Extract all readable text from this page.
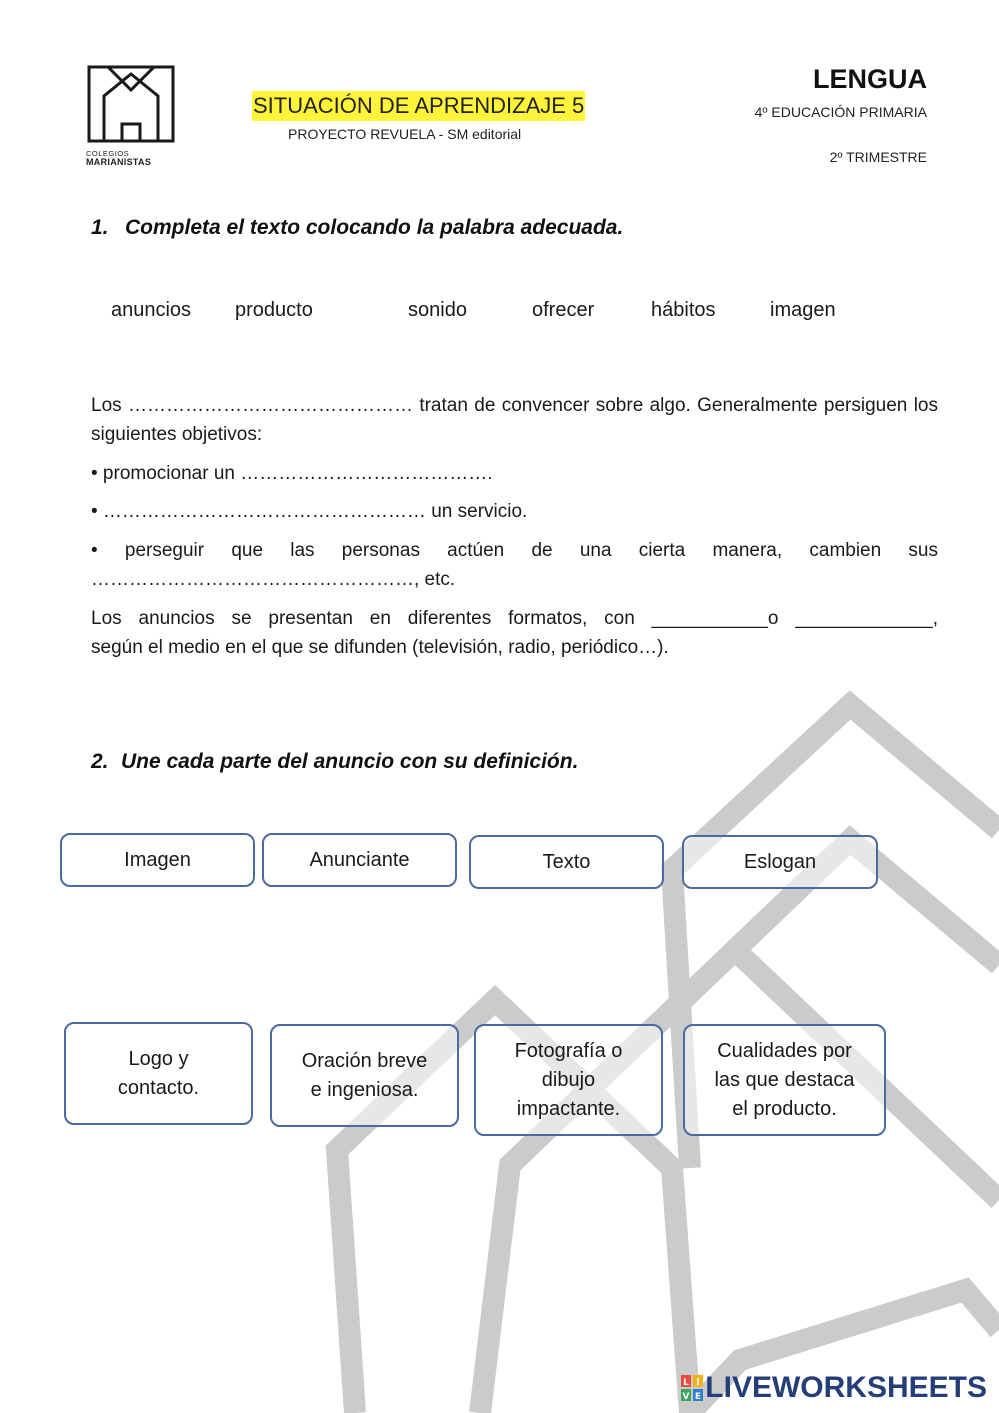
COLEGIOS
MARIANISTAS
SITUACIÓN DE APRENDIZAJE 5
PROYECTO REVUELA - SM editorial
LENGUA
4º EDUCACIÓN PRIMARIA
2º TRIMESTRE
1. Completa el texto colocando la palabra adecuada.
anuncios producto	sonido	ofrecer	hábitos	imagen
Los ……………………………………… tratan de convencer sobre algo. Generalmente persiguen los siguientes objetivos:
• promocionar un ………………………………….
• …………………………………………… un servicio.
• perseguir que las personas actúen de una cierta manera, cambien sus
……………………………………………, etc.
Los anuncios se presentan en diferentes formatos, con ___________o _____________,
según el medio en el que se difunden (televisión, radio, periódico…).
2. Une cada parte del anuncio con su definición.
Imagen	Anunciante	Texto	Eslogan
Logo y
contacto.
Oración breve
e ingeniosa.
Fotografía o
dibujo
impactante.
Cualidades por
las que destaca
el producto.
L I
V E LIVEWORKSHEETS
